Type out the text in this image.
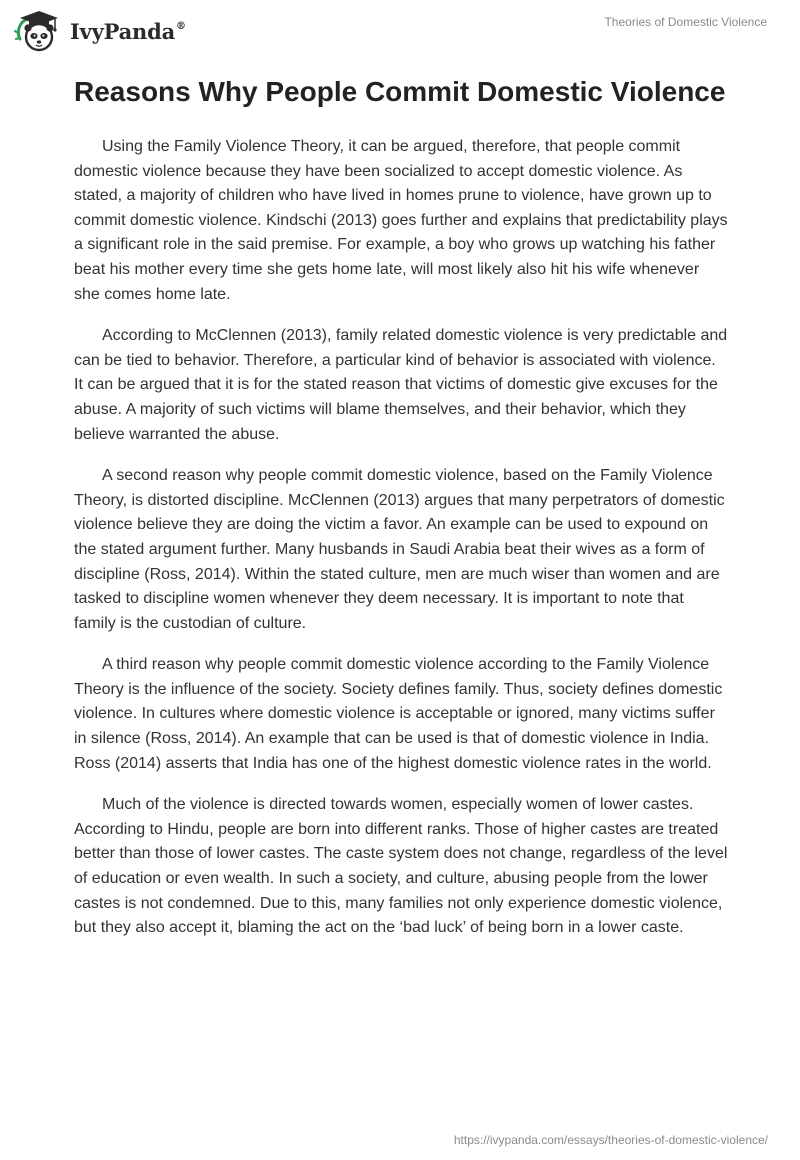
IvyPanda®	Theories of Domestic Violence
Reasons Why People Commit Domestic Violence

Using the Family Violence Theory, it can be argued, therefore, that people commit domestic violence because they have been socialized to accept domestic violence. As stated, a majority of children who have lived in homes prune to violence, have grown up to commit domestic violence. Kindschi (2013) goes further and explains that predictability plays a significant role in the said premise. For example, a boy who grows up watching his father beat his mother every time she gets home late, will most likely also hit his wife whenever she comes home late.

According to McClennen (2013), family related domestic violence is very predictable and can be tied to behavior. Therefore, a particular kind of behavior is associated with violence. It can be argued that it is for the stated reason that victims of domestic give excuses for the abuse. A majority of such victims will blame themselves, and their behavior, which they believe warranted the abuse.

A second reason why people commit domestic violence, based on the Family Violence Theory, is distorted discipline. McClennen (2013) argues that many perpetrators of domestic violence believe they are doing the victim a favor. An example can be used to expound on the stated argument further. Many husbands in Saudi Arabia beat their wives as a form of discipline (Ross, 2014). Within the stated culture, men are much wiser than women and are tasked to discipline women whenever they deem necessary. It is important to note that family is the custodian of culture.

A third reason why people commit domestic violence according to the Family Violence Theory is the influence of the society. Society defines family. Thus, society defines domestic violence. In cultures where domestic violence is acceptable or ignored, many victims suffer in silence (Ross, 2014). An example that can be used is that of domestic violence in India. Ross (2014) asserts that India has one of the highest domestic violence rates in the world.

Much of the violence is directed towards women, especially women of lower castes. According to Hindu, people are born into different ranks. Those of higher castes are treated better than those of lower castes. The caste system does not change, regardless of the level of education or even wealth. In such a society, and culture, abusing people from the lower castes is not condemned. Due to this, many families not only experience domestic violence, but they also accept it, blaming the act on the ‘bad luck’ of being born in a lower caste.

https://ivypanda.com/essays/theories-of-domestic-violence/
